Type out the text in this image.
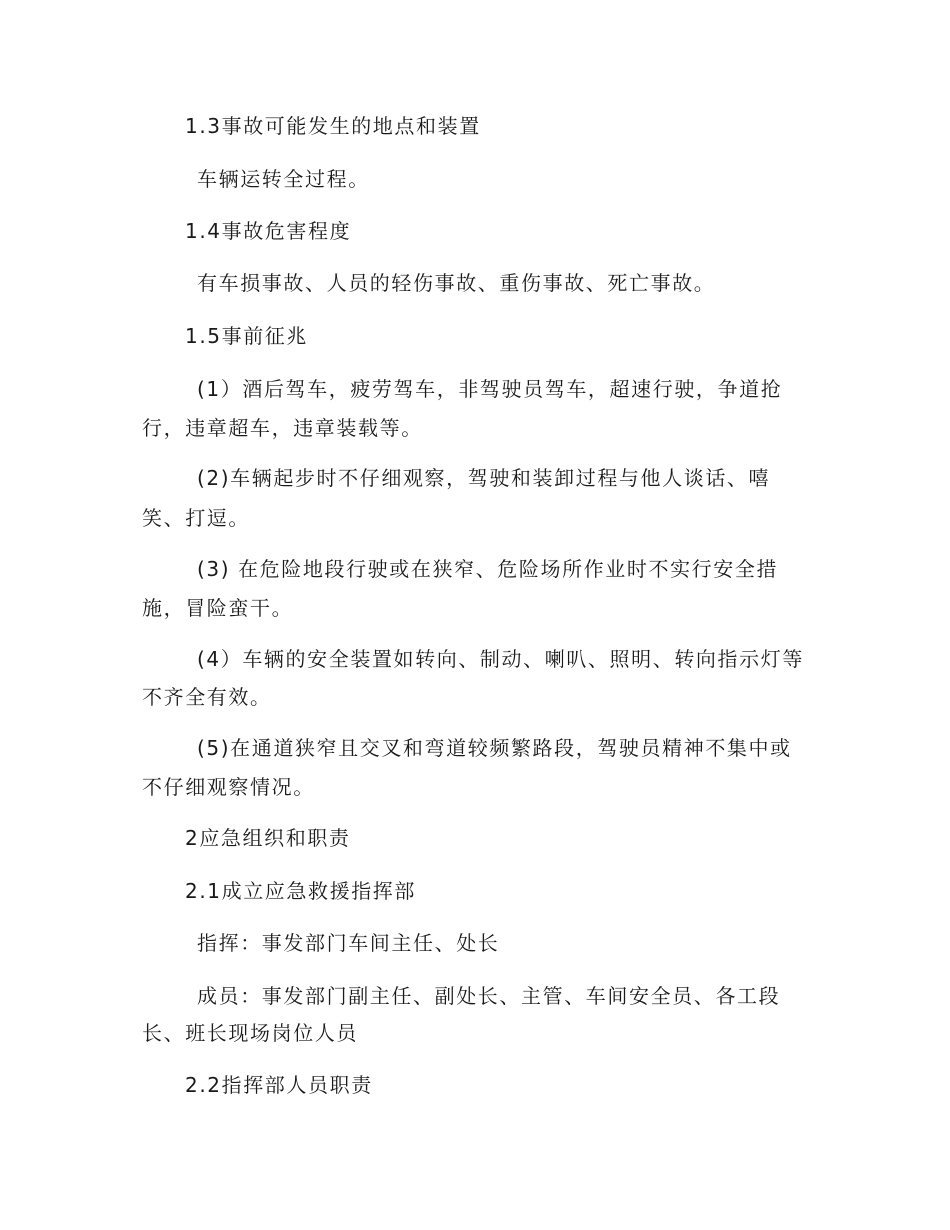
1.3事故可能发生的地点和装置
车辆运转全过程。
1.4事故危害程度
有车损事故、人员的轻伤事故、重伤事故、死亡事故。
1.5事前征兆
(1）酒后驾车，疲劳驾车，非驾驶员驾车，超速行驶，争道抢
行，违章超车，违章装载等。
(2)车辆起步时不仔细观察，驾驶和装卸过程与他人谈话、嘻
笑、打逗。
(3) 在危险地段行驶或在狭窄、危险场所作业时不实行安全措
施，冒险蛮干。
(4）车辆的安全装置如转向、制动、喇叭、照明、转向指示灯等
不齐全有效。
(5)在通道狭窄且交叉和弯道较频繁路段，驾驶员精神不集中或
不仔细观察情况。
2应急组织和职责
2.1成立应急救援指挥部
指挥：事发部门车间主任、处长
成员：事发部门副主任、副处长、主管、车间安全员、各工段
长、班长现场岗位人员
2.2指挥部人员职责
